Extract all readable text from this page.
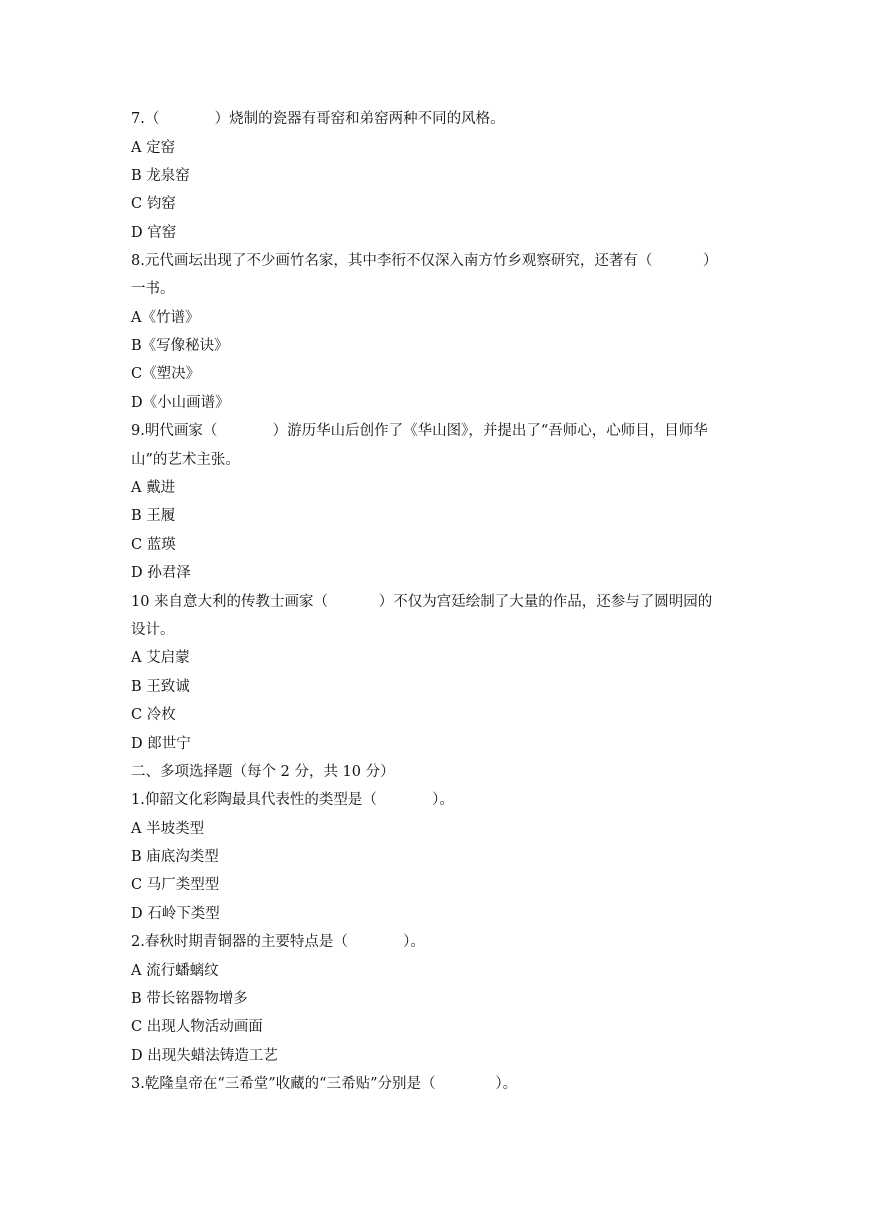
7.（            ）烧制的瓷器有哥窑和弟窑两种不同的风格。
A 定窑
B 龙泉窑
C 钧窑
D 官窑
8.元代画坛出现了不少画竹名家，其中李衎不仅深入南方竹乡观察研究，还著有（           ）
一书。
A《竹谱》
B《写像秘诀》
C《塑决》
D《小山画谱》
9.明代画家（            ）游历华山后创作了《华山图》，并提出了“吾师心，心师目，目师华
山”的艺术主张。
A 戴进
B 王履
C 蓝瑛
D 孙君泽
10 来自意大利的传教士画家（           ）不仅为宫廷绘制了大量的作品，还参与了圆明园的
设计。
A 艾启蒙
B 王致诚
C 冷枚
D 郎世宁
二、多项选择题（每个 2 分，共 10 分）
1.仰韶文化彩陶最具代表性的类型是（            ）。
A 半坡类型
B 庙底沟类型
C 马厂类型型
D 石岭下类型
2.春秋时期青铜器的主要特点是（            ）。
A 流行蟠螭纹
B 带长铭器物增多
C 出现人物活动画面
D 出现失蜡法铸造工艺
3.乾隆皇帝在“三希堂”收藏的“三希贴”分别是（             ）。
